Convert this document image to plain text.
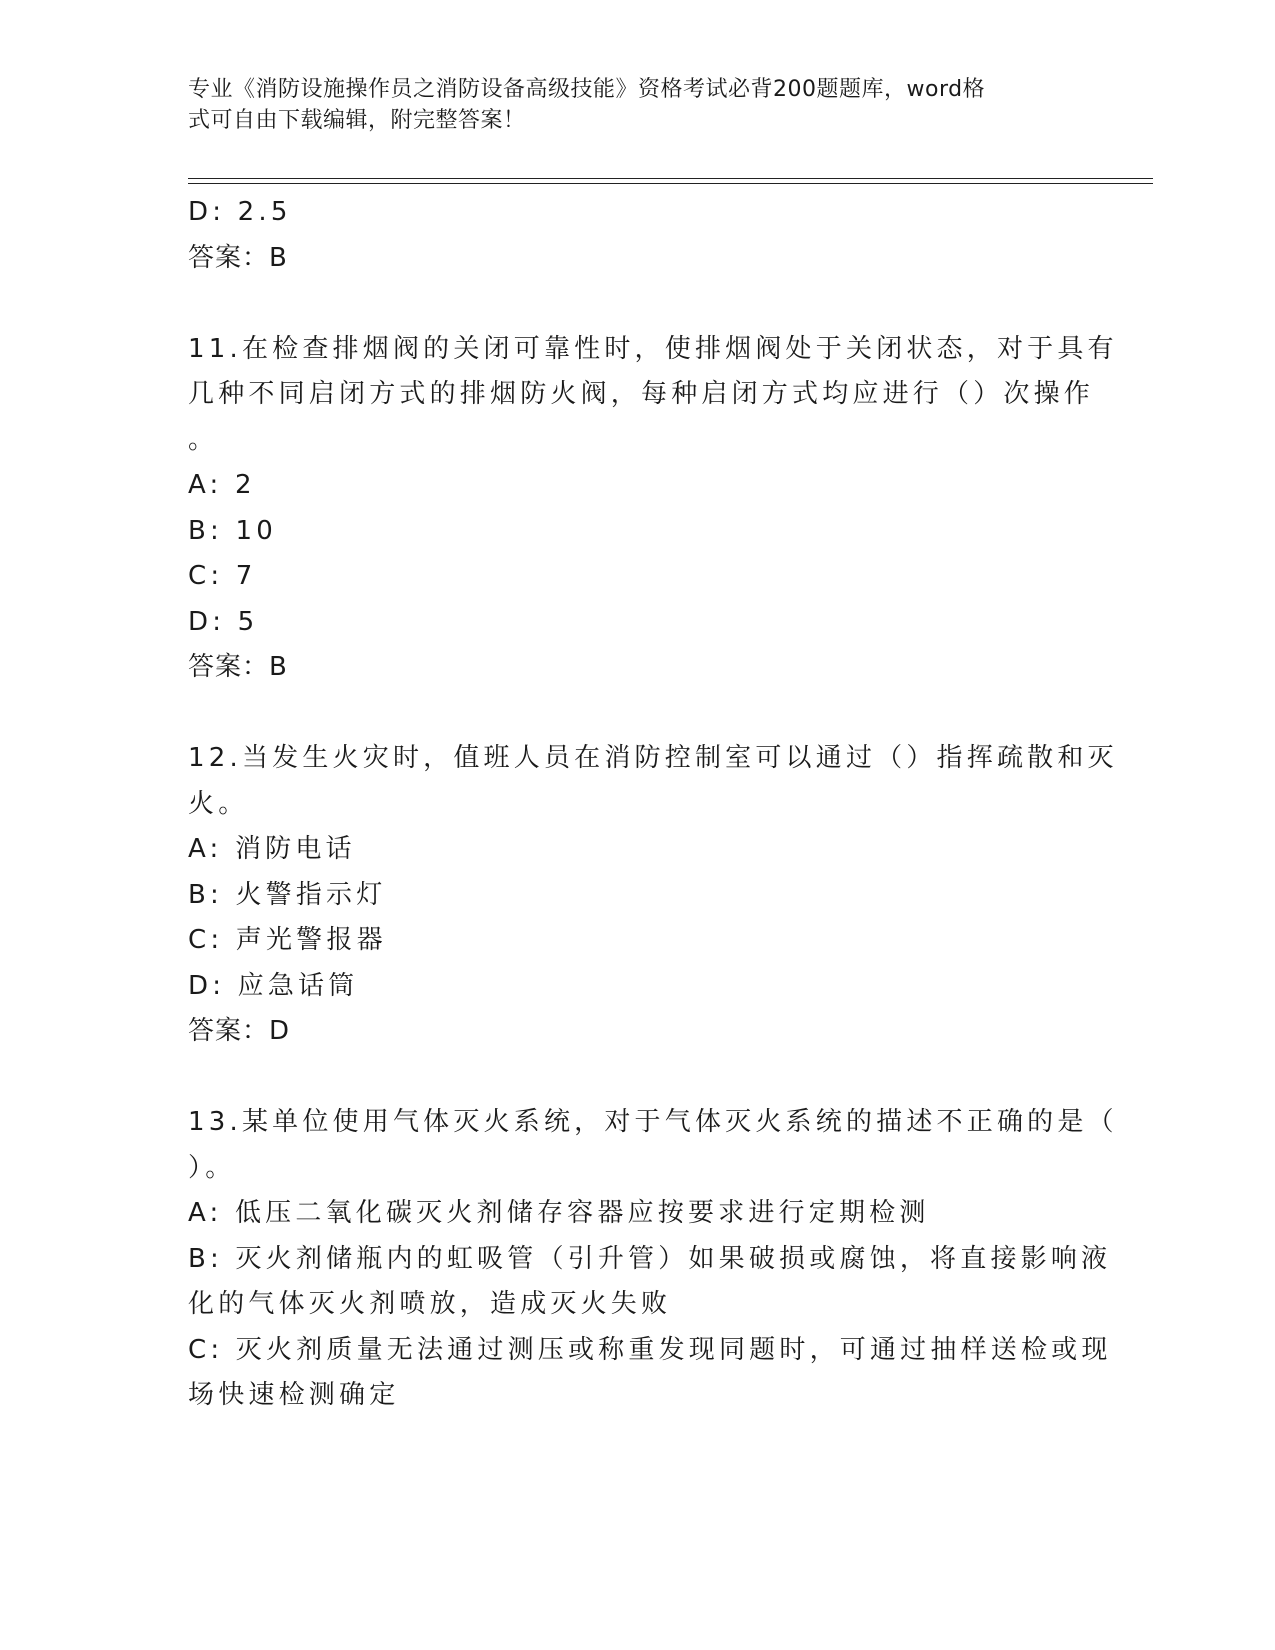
专业《消防设施操作员之消防设备高级技能》资格考试必背200题题库，word格
式可自由下载编辑，附完整答案！
D: 2.5
答案：B
11.在检查排烟阀的关闭可靠性时，使排烟阀处于关闭状态，对于具有
几种不同启闭方式的排烟防火阀，每种启闭方式均应进行（）次操作
。
A: 2
B: 10
C: 7
D: 5
答案：B
12.当发生火灾时，值班人员在消防控制室可以通过（）指挥疏散和灭
火。
A: 消防电话
B: 火警指示灯
C: 声光警报器
D: 应急话筒
答案：D
13.某单位使用气体灭火系统，对于气体灭火系统的描述不正确的是（
）。
A: 低压二氧化碳灭火剂储存容器应按要求进行定期检测
B: 灭火剂储瓶内的虹吸管（引升管）如果破损或腐蚀，将直接影响液
化的气体灭火剂喷放，造成灭火失败
C: 灭火剂质量无法通过测压或称重发现同题时，可通过抽样送检或现
场快速检测确定
